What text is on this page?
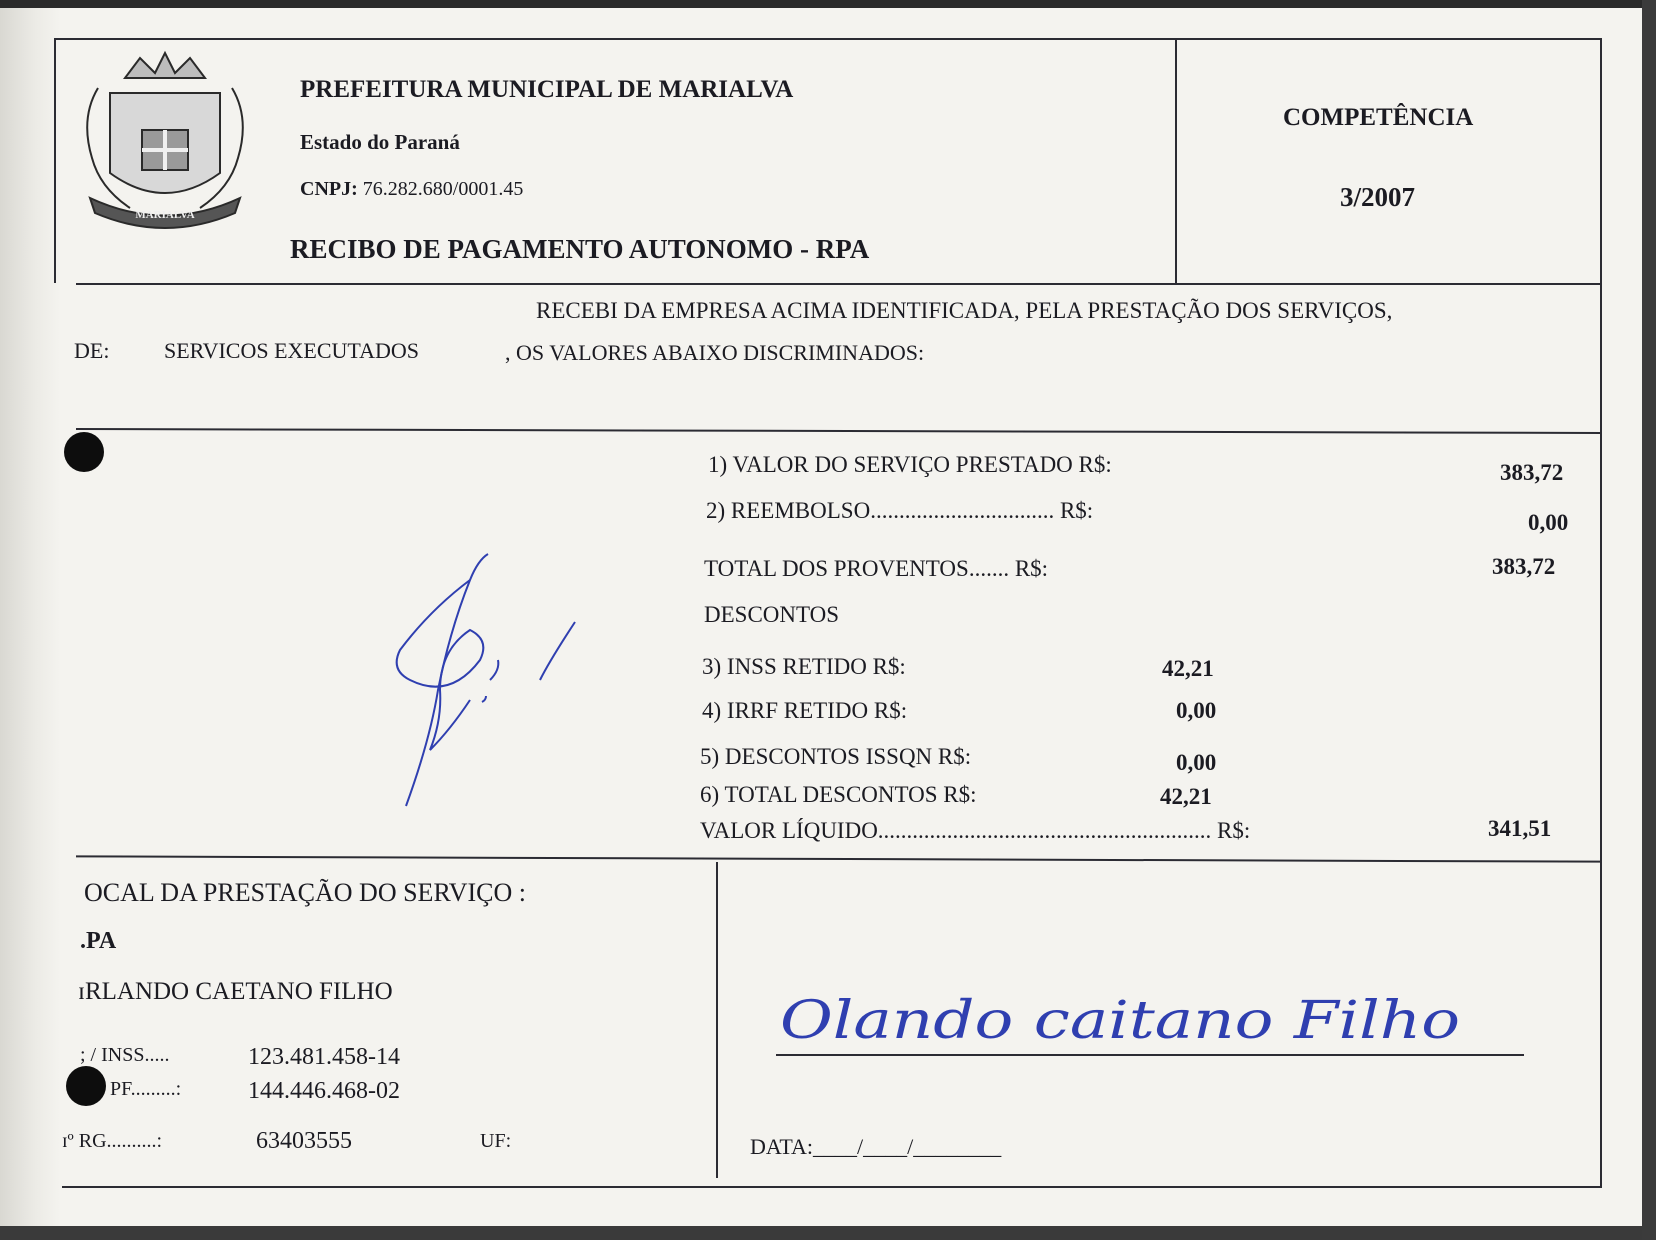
MARIALVA
PREFEITURA MUNICIPAL DE MARIALVA
Estado do Paraná
CNPJ: 76.282.680/0001.45
RECIBO DE PAGAMENTO AUTONOMO - RPA
COMPETÊNCIA
3/2007
RECEBI DA EMPRESA ACIMA IDENTIFICADA, PELA PRESTAÇÃO DOS SERVIÇOS,
DE: SERVICOS EXECUTADOS	, OS VALORES ABAIXO DISCRIMINADOS:
1) VALOR DO SERVIÇO PRESTADO R$:	383,72
2) REEMBOLSO................................ R$:	0,00
TOTAL DOS PROVENTOS....... R$:	383,72
DESCONTOS
3) INSS RETIDO R$:	42,21
4) IRRF RETIDO R$:	0,00
5) DESCONTOS ISSQN R$:	0,00
6) TOTAL DESCONTOS R$:	42,21
VALOR LÍQUIDO.......................................................... R$:	341,51
OCAL DA PRESTAÇÃO DO SERVIÇO :
.PA
ɪRLANDO CAETANO FILHO
; / INSS.....	123.481.458-14
PF.........:	144.446.468-02
ɪº RG..........:	63403555	UF:
Olando caitano Filho
DATA:____/____/________
